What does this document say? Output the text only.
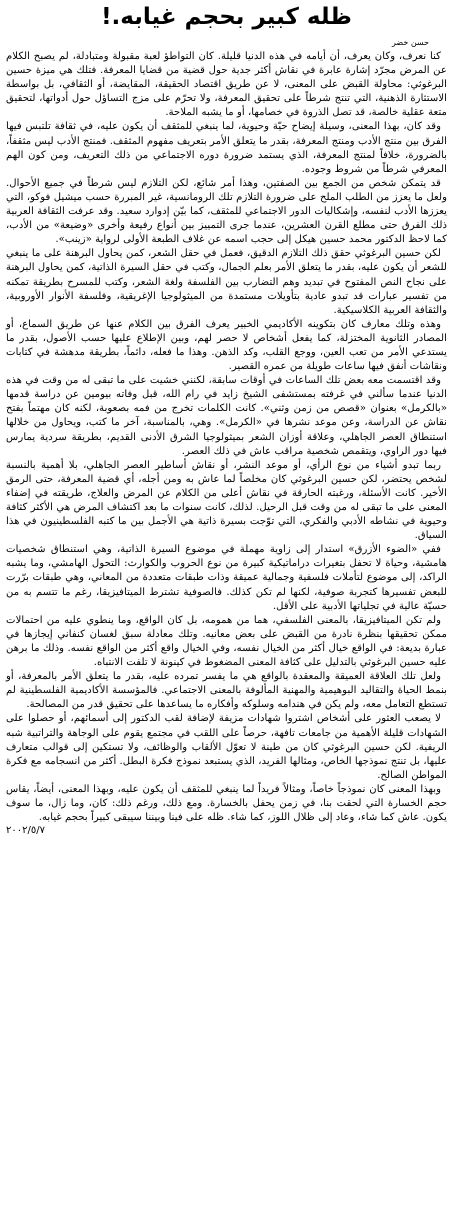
ظله كبير بحجم غيابه.!
حسن خضر

كنا نعرف، وكان يعرف، أن أيامه في هذه الدنيا قليلة. كان التواطؤ لعبة مقبولة ومتبادلة، لم يصبح الكلام عن المرض مجرّد إشارة عابرة في نقاش أكثر جدية حول قضية من قضايا المعرفة. فتلك هي ميزة حسين البرغوثي: محاولة القبض على المعنى، لا عن طريق اقتصاد الحقيقة، المقايضة، أو الثقافي، بل بواسطة الاستثارة الذهنية، التي تنتج شرطاً على تحقيق المعرفة، ولا تحرّم على مزج التساؤل حول أدواتها، لتحقيق متعة عقلية خالصة، قد تصل الذروة في خصامها، أو ما يشبه الملاحة.

وقد كان، بهذا المعنى، وسيلة إيضاح حيّة وحيوية، لما ينبغي للمثقف أن يكون عليه، في ثقافة تلتبس فيها الفرق بين منتج الأدب ومنتج المعرفة، بقدر ما يتعلق الأمر بتعريف مفهوم المثقف. فمنتج الأدب ليس مثقفاً، بالضرورة، خلافاً لمنتج المعرفة، الذي يستمد ضرورة دوره الاجتماعي من ذلك التعريف، ومن كون الهم المعرفي شرطاً من شروط وجوده.

قد يتمكن شخص من الجمع بين الصفتين، وهذا أمر شائع، لكن التلازم ليس شرطاً في جميع الأحوال. ولعل ما يعزز من الطلب الملح على ضرورة التلازم تلك الرومانسية، غير المبررة حسب ميشيل فوكو، التي يعززها الأدب لنفسه، وإشكاليات الدور الاجتماعي للمثقف، كما بيّن إدوارد سعيد. وقد عرفت الثقافة العربية ذلك الفرق حتى مطلع القرن العشرين، عندما جرى التمييز بين أنواع رفيعة وأخرى «وضيعة» من الأدب، كما لاحظ الدكتور محمد حسين هيكل إلى حجب اسمه عن غلاف الطبعة الأولى لرواية «زينب».

لكن حسين البرغوثي حقق ذلك التلازم الدقيق، فعمل في حقل الشعر، كمن يحاول البرهنة على ما ينبغي للشعر أن يكون عليه، بقدر ما يتعلق الأمر بعلم الجمال، وكتب في حقل السيرة الذاتية، كمن يحاول البرهنة على نجاح النص المفتوح في تبديد وهم التضارب بين الفلسفة ولغة الشعر، وكتب للمسرح بطريقة تمكنه من تفسير عبارات قد تبدو عادية بتأويلات مستمدة من الميثولوجيا الإغريقية، وفلسفة الأنوار الأوروبية، والثقافة العربية الكلاسيكية.

وهذه وتلك معارف كان بتكوينه الأكاديمي الخبير يعرف الفرق بين الكلام عنها عن طريق السماع، أو المصادر الثانوية المختزلة، كما يفعل أشخاص لا حصر لهم، وبين الإطلاع عليها حسب الأصول، بقدر ما يستدعي الأمر من تعب العين، ووجع القلب، وكد الذهن. وهذا ما فعله، دائماً، بطريقة مدهشة في كتابات ونقاشات أنفق فيها ساعات طويلة من عمره القصير.

وقد اقتسمت معه بعض تلك الساعات في أوقات سابقة، لكنني خشيت على ما تبقى له من وقت في هذه الدنيا عندما سألني في غرفته بمستشفى الشيخ زايد في رام الله، قبل وفاته بيومين عن دراسة قدمها «بالكرمل» بعنوان «قصص من زمن وثني». كانت الكلمات تخرج من فمه بصعوبة، لكنه كان مهتماً بفتح نقاش عن الدراسة، وعن موعد نشرها في «الكرمل». وهي، بالمناسبة، آخر ما كتب، ويحاول من خلالها استنطاق العصر الجاهلي، وعلاقة أوزان الشعر بميثولوجيا الشرق الأدنى القديم، بطريقة سردية يمارس فيها دور الراوي، ويتقمص شخصية مراقب عاش في ذلك العصر.

ربما تبدو أشياء من نوع الرأي، أو موعد النشر، أو نقاش أساطير العصر الجاهلي، بلا أهمية بالنسبة لشخص يحتضر، لكن حسين البرغوثي كان مخلصاً لما عاش به ومن أجله، أي قضية المعرفة، حتى الرمق الأخير. كانت الأسئلة، ورغبته الحارقة في نقاش أعلى من الكلام عن المرض والعلاج، طريقته في إضفاء المعنى على ما تبقى له من وقت قبل الرحيل. لذلك، كانت سنوات ما بعد اكتشاف المرض هي الأكثر كثافة وحيوية في نشاطه الأدبي والفكري، التي توّجت بسيرة ذاتية هي الأجمل بين ما كتبه الفلسطينيون في هذا السياق.

ففي «الضوء الأزرق» استدار إلى زاوية مهملة في موضوع السيرة الذاتية، وهي استنطاق شخصيات هامشية، وحياة لا تحفل بتغيرات دراماتيكية كبيرة من نوع الحروب والكوارث: التحول الهامشي، وما يشبه الراكد، إلى موضوع لتأملات فلسفية وجمالية عميقة وذات طبقات متعددة من المعاني، وهي طبقات برّرت للبعض تفسيرها كتجربة صوفية، لكنها لم تكن كذلك. فالصوفية تشترط الميتافيزيقا، رغم ما تتسم به من حسيّة عالية في تجلياتها الأدبية على الأقل.

ولم تكن الميتافيزيقا، بالمعنى الفلسفي، هما من همومه، بل كان الواقع، وما ينطوي عليه من احتمالات ممكن تحقيقها بنظرة نادرة من القبض على بعض معانيه. وتلك معادلة سبق لغسان كنفاني إيجازها في عبارة بديعة: في الواقع خيال أكثر من الخيال نفسه، وفي الخيال واقع أكثر من الواقع نفسه. وذلك ما برهن عليه حسين البرغوثي بالتدليل على كثافة المعنى المضغوط في كينونة لا تلفت الانتباه.

ولعل تلك العلاقة العميقة والمعقدة بالواقع هي ما يفسر تمرده عليه، بقدر ما يتعلق الأمر بالمعرفة، أو بنمط الحياة والتقاليد البوهيمية والمهنية المألوفة بالمعنى الاجتماعي. فالمؤسسة الأكاديمية الفلسطينية لم تستطع التعامل معه، ولم يكن في هندامه وسلوكه وأفكاره ما يساعدها على تحقيق قدر من المصالحة.

لا يصعب العثور على أشخاص اشتروا شهادات مزيفة لإضافة لقب الدكتور إلى أسمائهم، أو حصلوا على الشهادات قليلة الأهمية من جامعات تافهة، حرصاً على اللقب في مجتمع يقوم على الوجاهة والتراتبية شبه الريفية. لكن حسين البرغوثي كان من طينة لا تعوّل الألقاب والوظائف، ولا تستكين إلى قوالب متعارف عليها، بل تنتج نموذجها الخاص، ومثالها الفريد، الذي يستبعد نموذج فكرة البطل. أكثر من انسجامه مع فكرة المواطن الصالح.

وبهذا المعنى كان نموذجاً خاصاً، ومثالاً فريداً لما ينبغي للمثقف أن يكون عليه، وبهذا المعنى، أيضاً، يقاس حجم الخسارة التي لحقت بنا، في زمن يحفل بالخسارة. ومع ذلك، ورغم ذلك: كان، وما زال، ما سوف يكون. عاش كما شاء، وعاد إلى ظلال اللوز، كما شاء. ظله على فينا وبيننا سيبقى كبيراً بحجم غيابه.

٢٠٠٢/٥/٧
